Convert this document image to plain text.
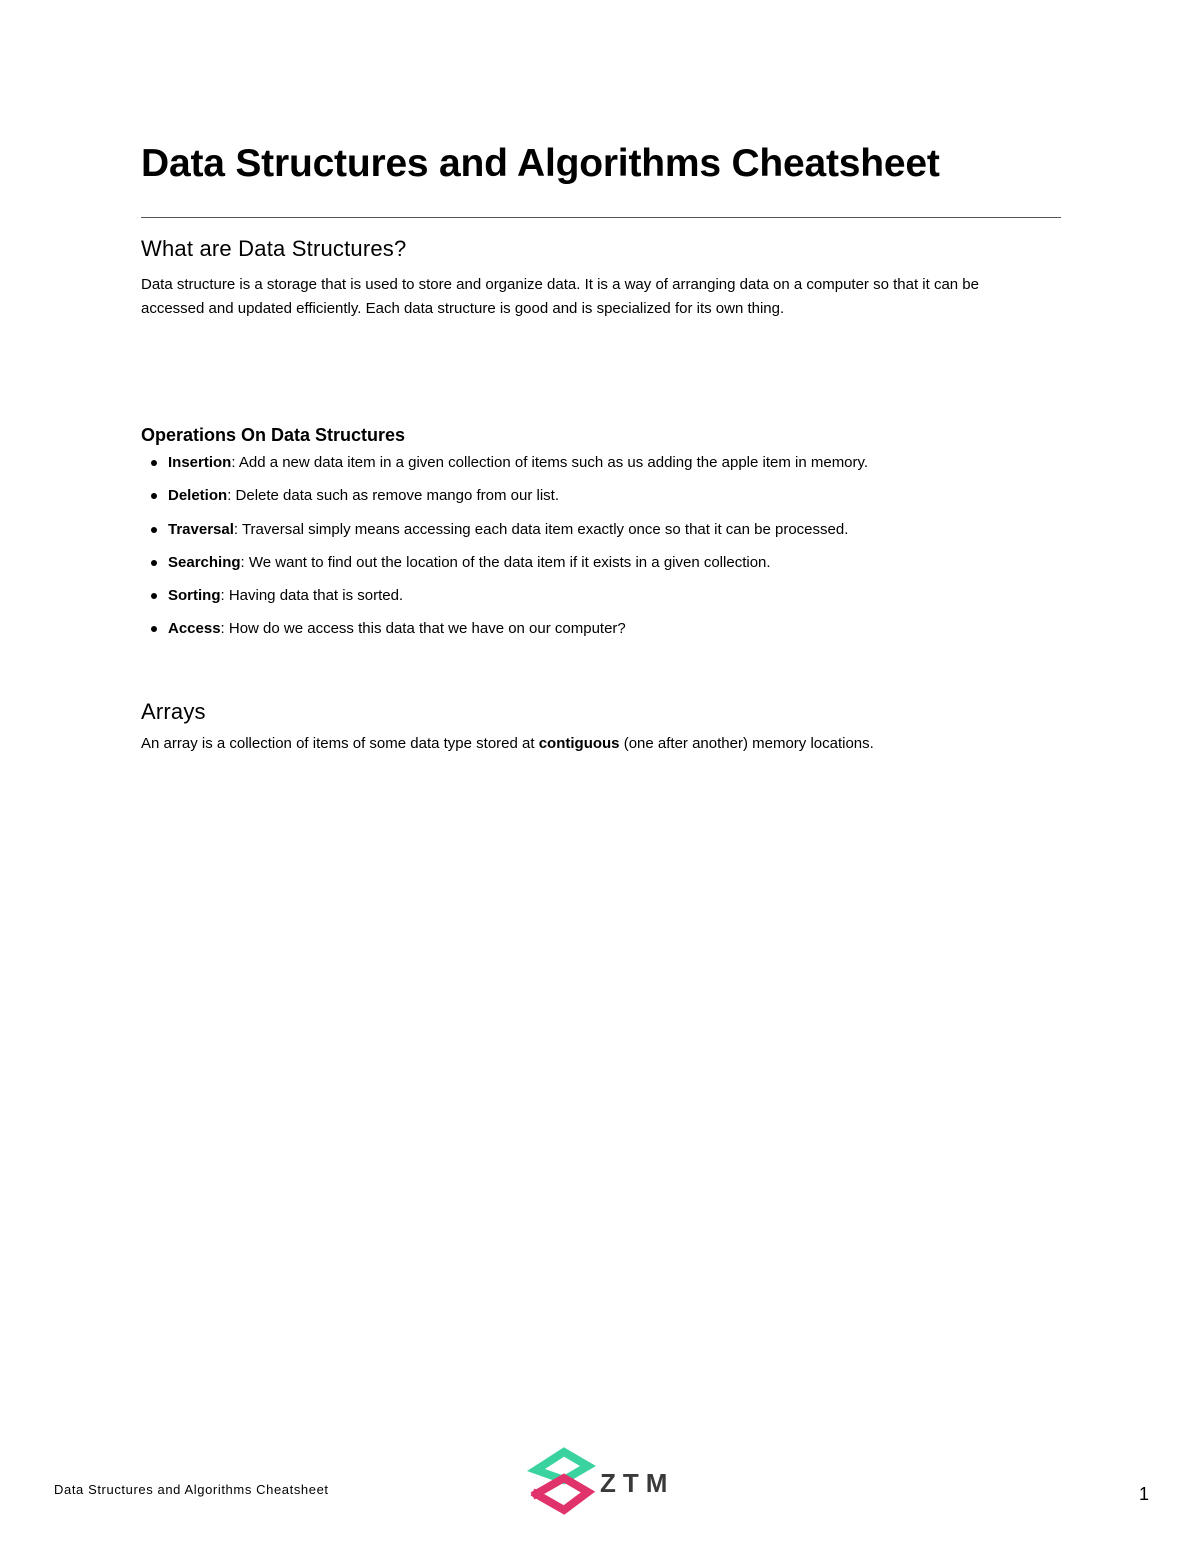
Data Structures and Algorithms Cheatsheet
What are Data Structures?

Data structure is a storage that is used to store and organize data. It is a way of arranging data on a computer so that it can be accessed and updated efficiently. Each data structure is good and is specialized for its own thing.

Operations On Data Structures
Insertion: Add a new data item in a given collection of items such as us adding the apple item in memory.
Deletion: Delete data such as remove mango from our list.
Traversal: Traversal simply means accessing each data item exactly once so that it can be processed.
Searching: We want to find out the location of the data item if it exists in a given collection.
Sorting: Having data that is sorted.
Access: How do we access this data that we have on our computer?
Arrays

An array is a collection of items of some data type stored at contiguous (one after another) memory locations.

Data Structures and Algorithms Cheatsheet	ZTM	1
